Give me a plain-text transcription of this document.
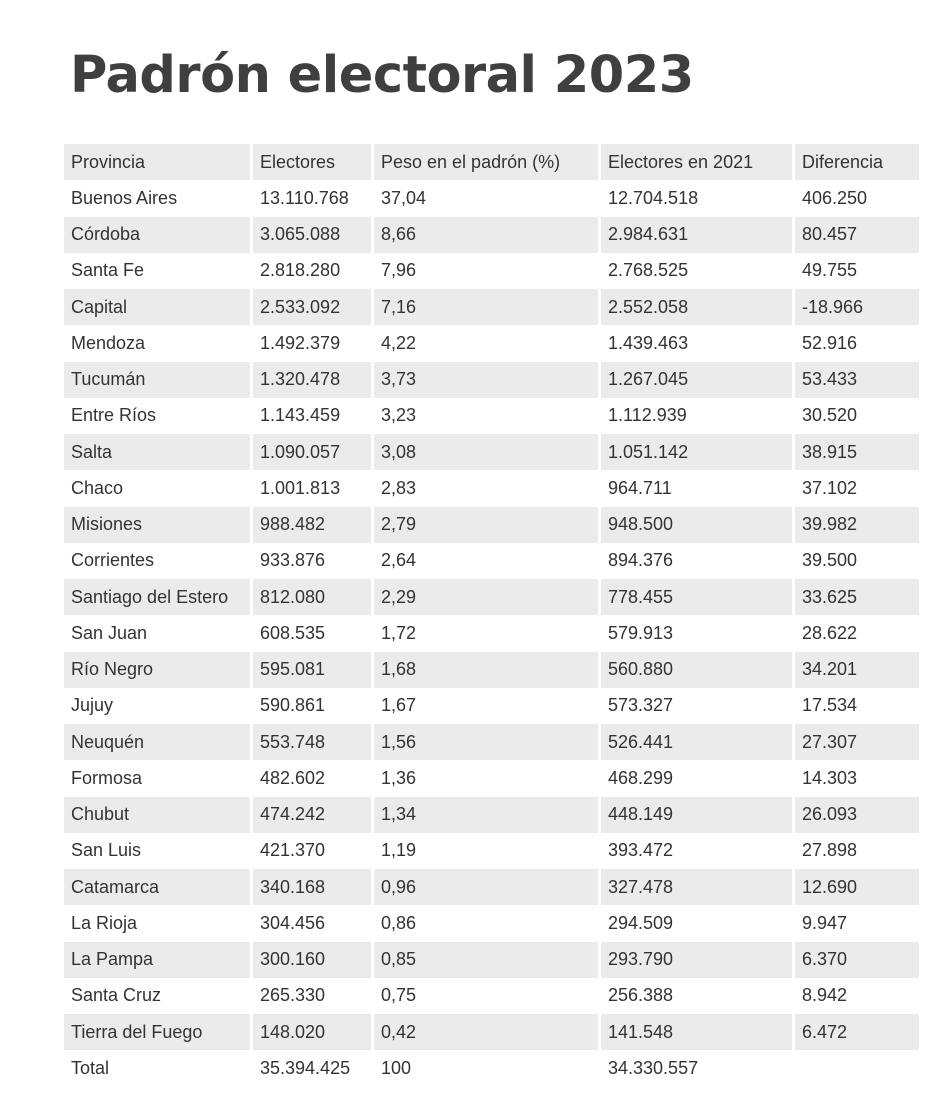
Padrón electoral 2023
Provincia	Electores	Peso en el padrón (%)	Electores en 2021	Diferencia
Buenos Aires	13.110.768	37,04	12.704.518	406.250
Córdoba	3.065.088	8,66	2.984.631	80.457
Santa Fe	2.818.280	7,96	2.768.525	49.755
Capital	2.533.092	7,16	2.552.058	-18.966
Mendoza	1.492.379	4,22	1.439.463	52.916
Tucumán	1.320.478	3,73	1.267.045	53.433
Entre Ríos	1.143.459	3,23	1.112.939	30.520
Salta	1.090.057	3,08	1.051.142	38.915
Chaco	1.001.813	2,83	964.711	37.102
Misiones	988.482	2,79	948.500	39.982
Corrientes	933.876	2,64	894.376	39.500
Santiago del Estero	812.080	2,29	778.455	33.625
San Juan	608.535	1,72	579.913	28.622
Río Negro	595.081	1,68	560.880	34.201
Jujuy	590.861	1,67	573.327	17.534
Neuquén	553.748	1,56	526.441	27.307
Formosa	482.602	1,36	468.299	14.303
Chubut	474.242	1,34	448.149	26.093
San Luis	421.370	1,19	393.472	27.898
Catamarca	340.168	0,96	327.478	12.690
La Rioja	304.456	0,86	294.509	9.947
La Pampa	300.160	0,85	293.790	6.370
Santa Cruz	265.330	0,75	256.388	8.942
Tierra del Fuego	148.020	0,42	141.548	6.472
Total	35.394.425	100	34.330.557	
